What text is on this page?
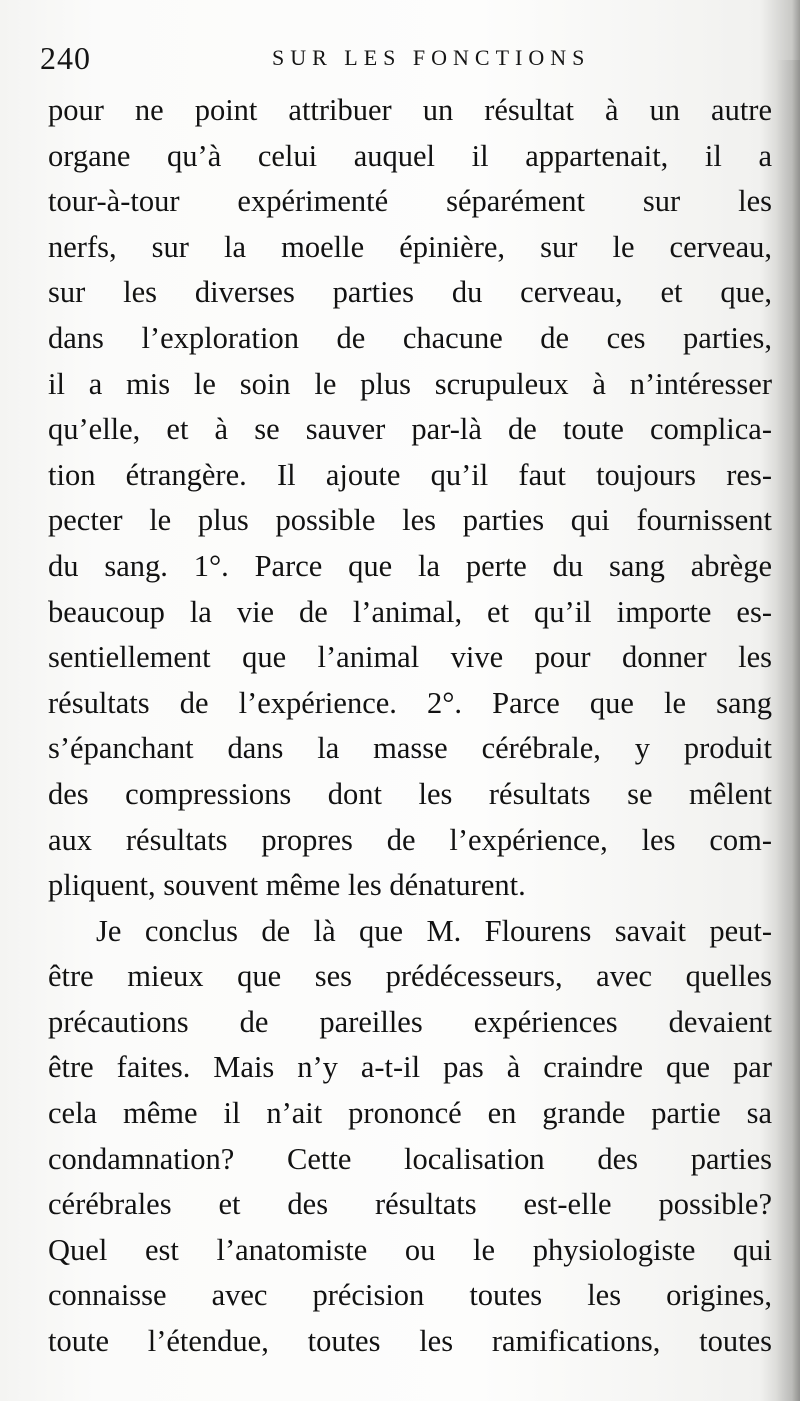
240	SUR LES FONCTIONS
pour ne point attribuer un résultat à un autre
organe qu’à celui auquel il appartenait, il a
tour-à-tour expérimenté séparément sur les
nerfs, sur la moelle épinière, sur le cerveau,
sur les diverses parties du cerveau, et que,
dans l’exploration de chacune de ces parties,
il a mis le soin le plus scrupuleux à n’intéresser
qu’elle, et à se sauver par-là de toute complica-
tion étrangère. Il ajoute qu’il faut toujours res-
pecter le plus possible les parties qui fournissent
du sang. 1°. Parce que la perte du sang abrège
beaucoup la vie de l’animal, et qu’il importe es-
sentiellement que l’animal vive pour donner les
résultats de l’expérience. 2°. Parce que le sang
s’épanchant dans la masse cérébrale, y produit
des compressions dont les résultats se mêlent
aux résultats propres de l’expérience, les com-
pliquent, souvent même les dénaturent.
Je conclus de là que M. Flourens savait peut-
être mieux que ses prédécesseurs, avec quelles
précautions de pareilles expériences devaient
être faites. Mais n’y a-t-il pas à craindre que par
cela même il n’ait prononcé en grande partie sa
condamnation? Cette localisation des parties
cérébrales et des résultats est-elle possible?
Quel est l’anatomiste ou le physiologiste qui
connaisse avec précision toutes les origines,
toute l’étendue, toutes les ramifications, toutes
